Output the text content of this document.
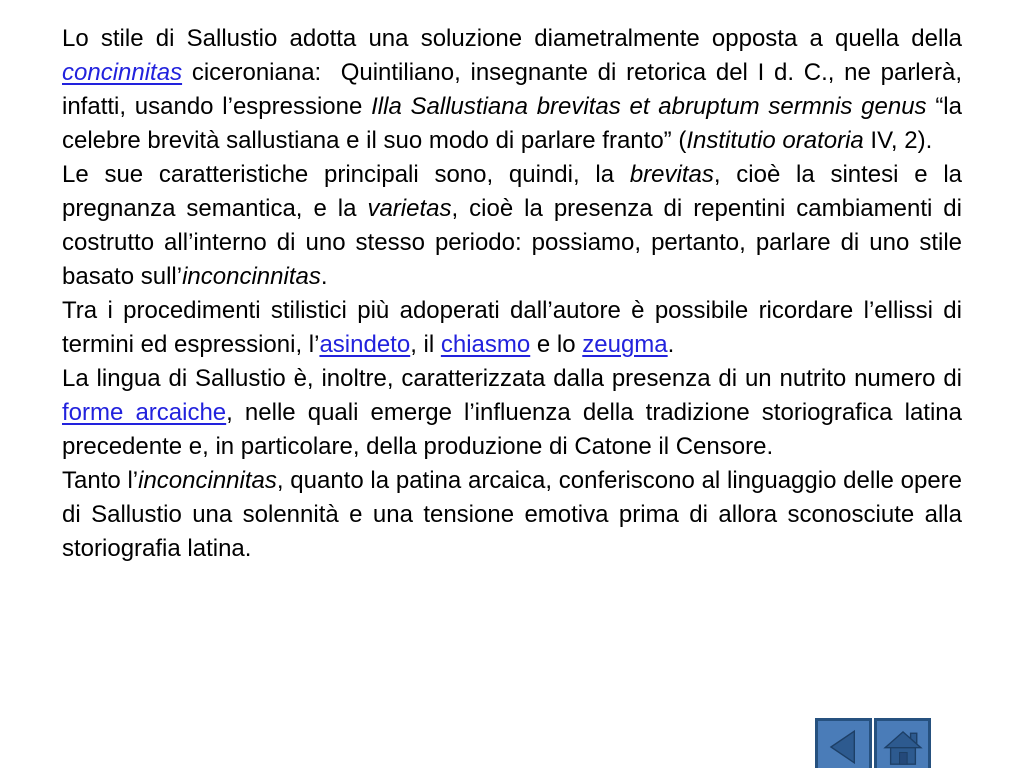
Lo stile di Sallustio adotta una soluzione diametralmente opposta a quella della concinnitas ciceroniana:  Quintiliano, insegnante di retorica del I d. C., ne parlerà, infatti, usando l’espressione Illa Sallustiana brevitas et abruptum sermnis genus “la celebre brevità sallustiana e il suo modo di parlare franto” (Institutio oratoria IV, 2).

Le sue caratteristiche principali sono, quindi, la brevitas, cioè la sintesi e la pregnanza semantica, e la varietas, cioè la presenza di repentini cambiamenti di costrutto all’interno di uno stesso periodo: possiamo, pertanto, parlare di uno stile basato sull’inconcinnitas.

Tra i procedimenti stilistici più adoperati dall’autore è possibile ricordare l’ellissi di termini ed espressioni, l’asindeto, il chiasmo e lo zeugma.

La lingua di Sallustio è, inoltre, caratterizzata dalla presenza di un nutrito numero di forme arcaiche, nelle quali emerge l’influenza della tradizione storiografica latina precedente e, in particolare, della produzione di Catone il Censore.

Tanto l’inconcinnitas, quanto la patina arcaica, conferiscono al linguaggio delle opere di Sallustio una solennità e una tensione emotiva prima di allora sconosciute alla storiografia latina.
